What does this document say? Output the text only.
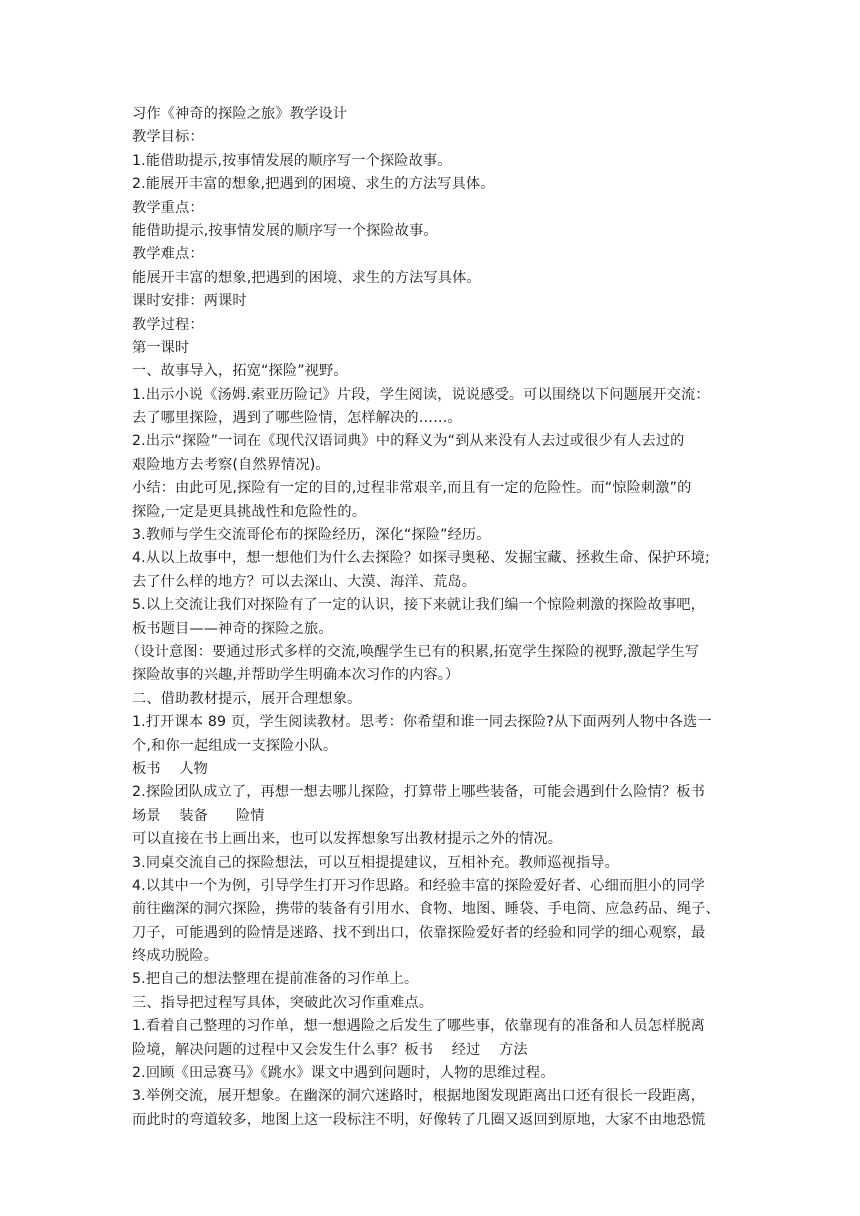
习作《神奇的探险之旅》教学设计
教学目标：
1.能借助提示,按事情发展的顺序写一个探险故事。
2.能展开丰富的想象,把遇到的困境、求生的方法写具体。
教学重点：
能借助提示,按事情发展的顺序写一个探险故事。
教学难点：
能展开丰富的想象,把遇到的困境、求生的方法写具体。
课时安排：两课时
教学过程：
第一课时
一、故事导入，拓宽“探险”视野。
1.出示小说《汤姆.索亚历险记》片段，学生阅读，说说感受。可以围绕以下问题展开交流：
去了哪里探险，遇到了哪些险情，怎样解决的……。
2.出示“探险”一词在《现代汉语词典》中的释义为“到从来没有人去过或很少有人去过的
艰险地方去考察(自然界情况)。
小结：由此可见,探险有一定的目的,过程非常艰辛,而且有一定的危险性。而“惊险刺激”的
探险,一定是更具挑战性和危险性的。
3.教师与学生交流哥伦布的探险经历，深化“探险”经历。
4.从以上故事中，想一想他们为什么去探险？如探寻奥秘、发掘宝藏、拯救生命、保护环境;
去了什么样的地方？可以去深山、大漠、海洋、荒岛。
5.以上交流让我们对探险有了一定的认识，接下来就让我们编一个惊险刺激的探险故事吧，
板书题目——神奇的探险之旅。
（设计意图：要通过形式多样的交流,唤醒学生已有的积累,拓宽学生探险的视野,激起学生写
探险故事的兴趣,并帮助学生明确本次习作的内容。）
二、借助教材提示，展开合理想象。
1.打开课本 89 页，学生阅读教材。思考：你希望和谁一同去探险?从下面两列人物中各选一
个,和你一起组成一支探险小队。
板书    人物
2.探险团队成立了，再想一想去哪儿探险，打算带上哪些装备，可能会遇到什么险情？板书
场景    装备      险情
可以直接在书上画出来，也可以发挥想象写出教材提示之外的情况。
3.同桌交流自己的探险想法，可以互相提提建议，互相补充。教师巡视指导。
4.以其中一个为例，引导学生打开习作思路。和经验丰富的探险爱好者、心细而胆小的同学
前往幽深的洞穴探险，携带的装备有引用水、食物、地图、睡袋、手电筒、应急药品、绳子、
刀子，可能遇到的险情是迷路、找不到出口，依靠探险爱好者的经验和同学的细心观察，最
终成功脱险。
5.把自己的想法整理在提前准备的习作单上。
三、指导把过程写具体，突破此次习作重难点。
1.看着自己整理的习作单，想一想遇险之后发生了哪些事，依靠现有的准备和人员怎样脱离
险境，解决问题的过程中又会发生什么事？板书    经过    方法
2.回顾《田忌赛马》《跳水》课文中遇到问题时，人物的思维过程。
3.举例交流，展开想象。在幽深的洞穴迷路时，根据地图发现距离出口还有很长一段距离，
而此时的弯道较多，地图上这一段标注不明，好像转了几圈又返回到原地，大家不由地恐慌
